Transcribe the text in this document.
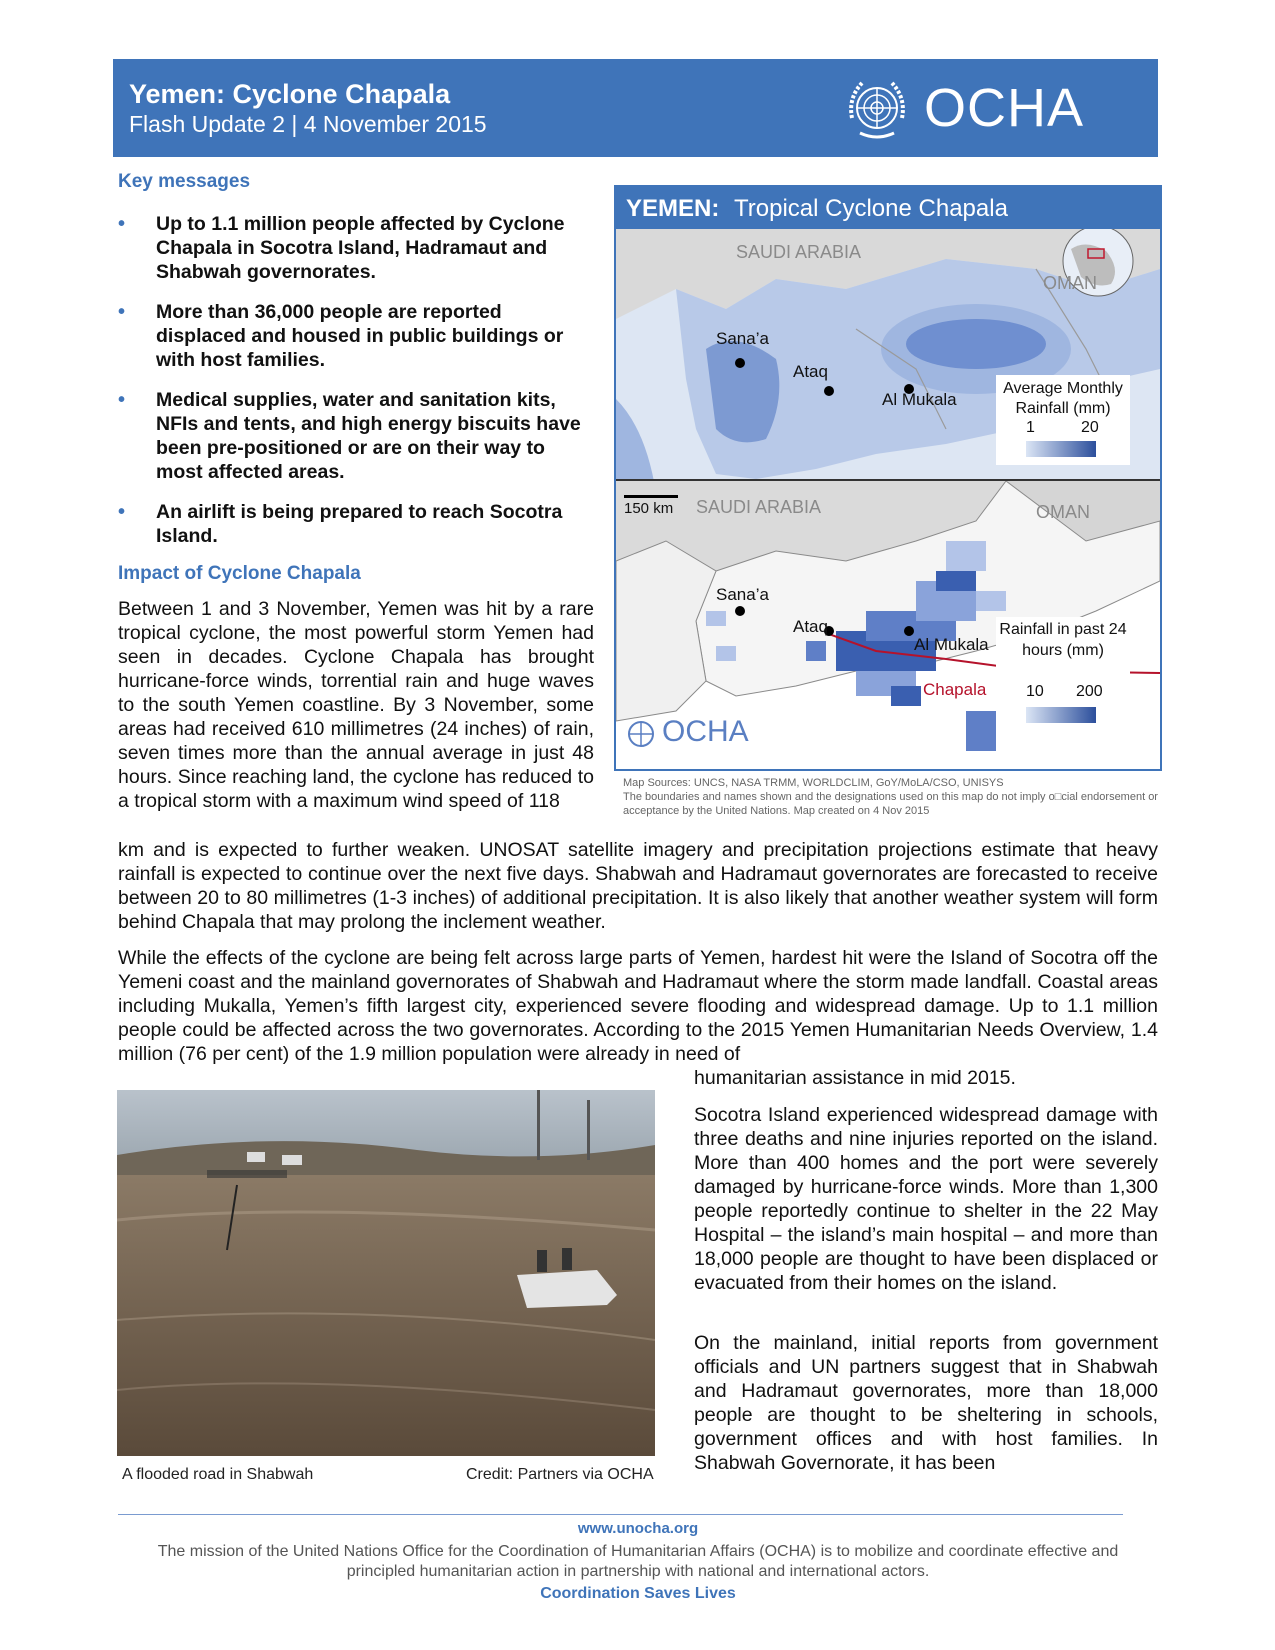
Yemen: Cyclone Chapala
Flash Update 2 | 4 November 2015	OCHA
Key messages
• Up to 1.1 million people affected by Cyclone Chapala in Socotra Island, Hadramaut and Shabwah governorates.
• More than 36,000 people are reported displaced and housed in public buildings or with host families.
• Medical supplies, water and sanitation kits, NFIs and tents, and high energy biscuits have been pre-positioned or are on their way to most affected areas.
• An airlift is being prepared to reach Socotra Island.
Impact of Cyclone Chapala

Between 1 and 3 November, Yemen was hit by a rare tropical cyclone, the most powerful storm Yemen had seen in decades. Cyclone Chapala has brought hurricane-force winds, torrential rain and huge waves to the south Yemen coastline. By 3 November, some areas had received 610 millimetres (24 inches) of rain, seven times more than the annual average in just 48 hours. Since reaching land, the cyclone has reduced to a tropical storm with a maximum wind speed of 118

km and is expected to further weaken. UNOSAT satellite imagery and precipitation projections estimate that heavy rainfall is expected to continue over the next five days. Shabwah and Hadramaut governorates are forecasted to receive between 20 to 80 millimetres (1-3 inches) of additional precipitation. It is also likely that another weather system will form behind Chapala that may prolong the inclement weather.

While the effects of the cyclone are being felt across large parts of Yemen, hardest hit were the Island of Socotra off the Yemeni coast and the mainland governorates of Shabwah and Hadramaut where the storm made landfall. Coastal areas including Mukalla, Yemen’s fifth largest city, experienced severe flooding and widespread damage. Up to 1.1 million people could be affected across the two governorates. According to the 2015 Yemen Humanitarian Needs Overview, 1.4 million (76 per cent) of the 1.9 million population were already in need of

humanitarian assistance in mid 2015.

Socotra Island experienced widespread damage with three deaths and nine injuries reported on the island. More than 400 homes and the port were severely damaged by hurricane-force winds. More than 1,300 people reportedly continue to shelter in the 22 May Hospital – the island’s main hospital – and more than 18,000 people are thought to have been displaced or evacuated from their homes on the island.

On the mainland, initial reports from government officials and UN partners suggest that in Shabwah and Hadramaut governorates, more than 18,000 people are thought to be sheltering in schools, government offices and with host families. In Shabwah Governorate, it has been

YEMEN: Tropical Cyclone Chapala
SAUDI ARABIA
OMAN
Sana’a
Ataq
Al Mukala
Average Monthly Rainfall (mm)
1	20
150 km SAUDI ARABIA	OMAN
Sana’a
Ataq
Al Mukala
Chapala
Rainfall in past 24 hours (mm)
10 200
OCHA
Map Sources: UNCS, NASA TRMM, WORLDCLIM, GoY/MoLA/CSO, UNISYS
The boundaries and names shown and the designations used on this map do not imply o□cial endorsement or acceptance by the United Nations. Map created on 4 Nov 2015
A flooded road in Shabwah	Credit: Partners via OCHA
www.unocha.org
The mission of the United Nations Office for the Coordination of Humanitarian Affairs (OCHA) is to mobilize and coordinate effective and principled humanitarian action in partnership with national and international actors.
Coordination Saves Lives
